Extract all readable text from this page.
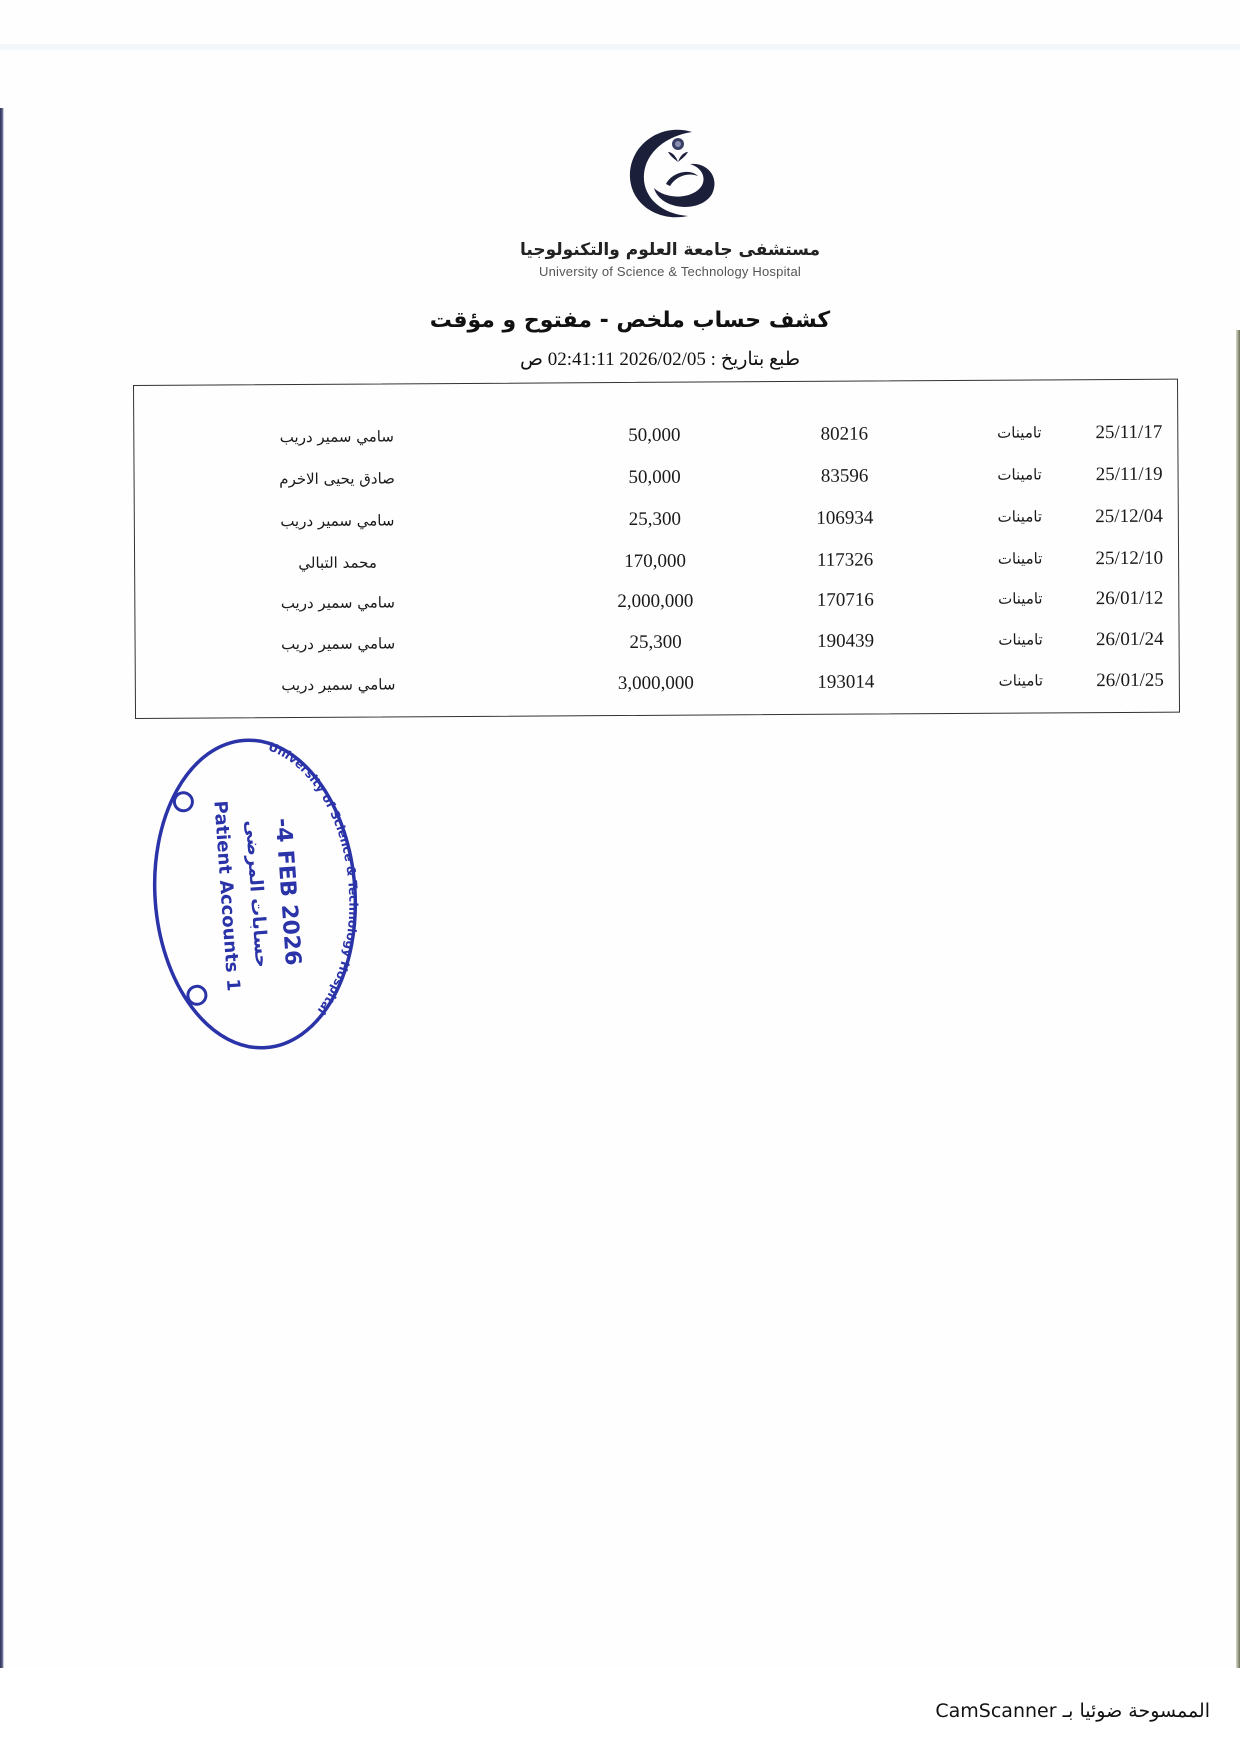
مستشفى جامعة العلوم والتكنولوجيا
University of Science & Technology Hospital
كشف حساب ملخص - مفتوح و مؤقت
طبع بتاريخ : 2026/02/05 02:41:11 ص
25/11/17
تامينات
80216
50,000
سامي سمير دريب
25/11/19
تامينات
83596
50,000
صادق يحيى الاخرم
25/12/04
تامينات
106934
25,300
سامي سمير دريب
25/12/10
تامينات
117326
170,000
محمد التبالي
26/01/12
تامينات
170716
2,000,000
سامي سمير دريب
26/01/24
تامينات
190439
25,300
سامي سمير دريب
26/01/25
تامينات
193014
3,000,000
سامي سمير دريب
University of Science & Technology Hospital
-4 FEB 2026
حسابات المرضى
Patient Accounts 1
الممسوحة ضوئيا بـ CamScanner
